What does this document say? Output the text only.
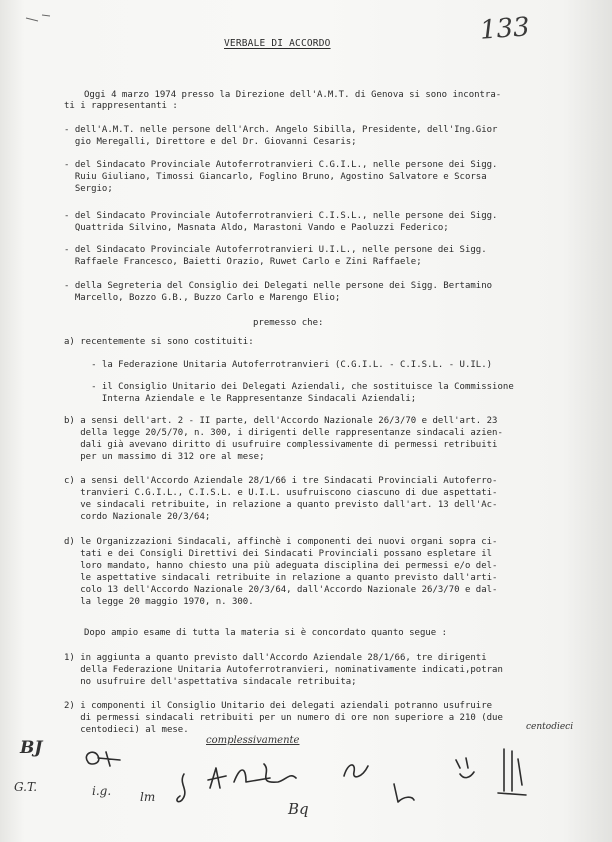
133
VERBALE DI ACCORDO
Oggi 4 marzo 1974 presso la Direzione dell'A.M.T. di Genova si sono incontra-
ti i rappresentanti :
- dell'A.M.T. nelle persone dell'Arch. Angelo Sibilla, Presidente, dell'Ing.Gior
gio Meregalli, Direttore e del Dr. Giovanni Cesaris;
- del Sindacato Provinciale Autoferrotranvieri C.G.I.L., nelle persone dei Sigg.
Ruiu Giuliano, Timossi Giancarlo, Foglino Bruno, Agostino Salvatore e Scorsa
Sergio;
- del Sindacato Provinciale Autoferrotranvieri C.I.S.L., nelle persone dei Sigg.
Quattrida Silvino, Masnata Aldo, Marastoni Vando e Paoluzzi Federico;
- del Sindacato Provinciale Autoferrotranvieri U.I.L., nelle persone dei Sigg.
Raffaele Francesco, Baietti Orazio, Ruwet Carlo e Zini Raffaele;
- della Segreteria del Consiglio dei Delegati nelle persone dei Sigg. Bertamino
Marcello, Bozzo G.B., Buzzo Carlo e Marengo Elio;
premesso che:
a) recentemente si sono costituiti:
- la Federazione Unitaria Autoferrotranvieri (C.G.I.L. - C.I.S.L. - U.IL.)
- il Consiglio Unitario dei Delegati Aziendali, che sostituisce la Commissione
Interna Aziendale e le Rappresentanze Sindacali Aziendali;
b) a sensi dell'art. 2 - II parte, dell'Accordo Nazionale 26/3/70 e dell'art. 23
della legge 20/5/70, n. 300, i dirigenti delle rappresentanze sindacali azien-
dali già avevano diritto di usufruire complessivamente di permessi retribuiti
per un massimo di 312 ore al mese;
c) a sensi dell'Accordo Aziendale 28/1/66 i tre Sindacati Provinciali Autoferro-
tranvieri C.G.I.L., C.I.S.L. e U.I.L. usufruiscono ciascuno di due aspettati-
ve sindacali retribuite, in relazione a quanto previsto dall'art. 13 dell'Ac-
cordo Nazionale 20/3/64;
d) le Organizzazioni Sindacali, affinchè i componenti dei nuovi organi sopra ci-
tati e dei Consigli Direttivi dei Sindacati Provinciali possano espletare il
loro mandato, hanno chiesto una più adeguata disciplina dei permessi e/o del-
le aspettative sindacali retribuite in relazione a quanto previsto dall'arti-
colo 13 dell'Accordo Nazionale 20/3/64, dall'Accordo Nazionale 26/3/70 e dal-
la legge 20 maggio 1970, n. 300.
Dopo ampio esame di tutta la materia si è concordato quanto segue :
1) in aggiunta a quanto previsto dall'Accordo Aziendale 28/1/66, tre dirigenti
della Federazione Unitaria Autoferrotranvieri, nominativamente indicati,potran
no usufruire dell'aspettativa sindacale retribuita;
2) i componenti il Consiglio Unitario dei delegati aziendali potranno usufruire
di permessi sindacali retribuiti per un numero di ore non superiore a 210 (due
centodieci) al mese.	centodieci
complessivamente
BJ
G.T.	i.g.
Bq
lm
